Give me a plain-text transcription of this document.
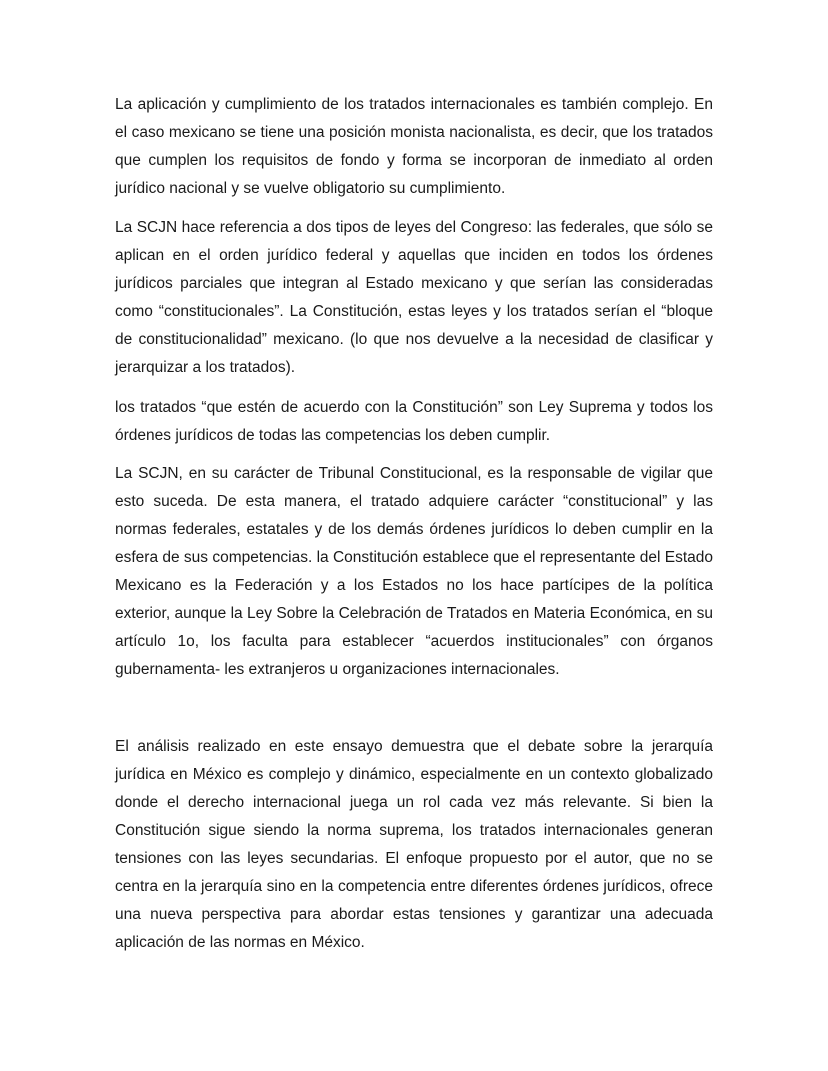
La aplicación y cumplimiento de los tratados internacionales es también complejo. En el caso mexicano se tiene una posición monista nacionalista, es decir, que los tratados que cumplen los requisitos de fondo y forma se incorporan de inmediato al orden jurídico nacional y se vuelve obligatorio su cumplimiento.

La SCJN hace referencia a dos tipos de leyes del Congreso: las federales, que sólo se aplican en el orden jurídico federal y aquellas que inciden en todos los órdenes jurídicos parciales que integran al Estado mexicano y que serían las consideradas como “constitucionales”. La Constitución, estas leyes y los tratados serían el “bloque de constitucionalidad” mexicano. (lo que nos devuelve a la necesidad de clasificar y jerarquizar a los tratados).

los tratados “que estén de acuerdo con la Constitución” son Ley Suprema y todos los órdenes jurídicos de todas las competencias los deben cumplir.

La SCJN, en su carácter de Tribunal Constitucional, es la responsable de vigilar que esto suceda. De esta manera, el tratado adquiere carácter “constitucional” y las normas federales, estatales y de los demás órdenes jurídicos lo deben cumplir en la esfera de sus competencias. la Constitución establece que el representante del Estado Mexicano es la Federación y a los Estados no los hace partícipes de la política exterior, aunque la Ley Sobre la Celebración de Tratados en Materia Económica, en su artículo 1o, los faculta para establecer “acuerdos institucionales” con órganos gubernamenta- les extranjeros u organizaciones internacionales.

El análisis realizado en este ensayo demuestra que el debate sobre la jerarquía jurídica en México es complejo y dinámico, especialmente en un contexto globalizado donde el derecho internacional juega un rol cada vez más relevante. Si bien la Constitución sigue siendo la norma suprema, los tratados internacionales generan tensiones con las leyes secundarias. El enfoque propuesto por el autor, que no se centra en la jerarquía sino en la competencia entre diferentes órdenes jurídicos, ofrece una nueva perspectiva para abordar estas tensiones y garantizar una adecuada aplicación de las normas en México.
